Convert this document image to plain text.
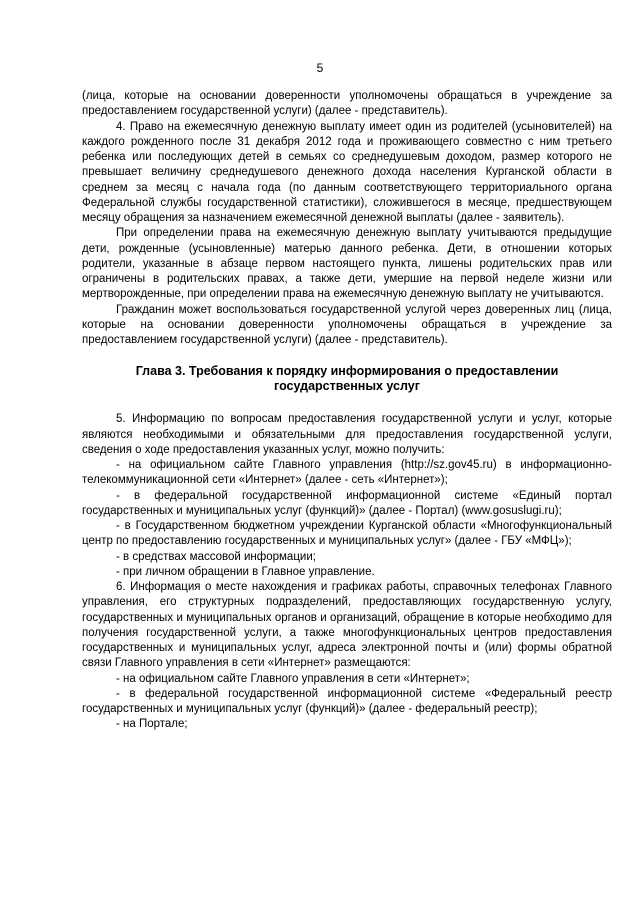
5

(лица, которые на основании доверенности уполномочены обращаться в учреждение за предоставлением государственной услуги) (далее - представитель).

4. Право на ежемесячную денежную выплату имеет один из родителей (усыновителей) на каждого рожденного после 31 декабря 2012 года и проживающего совместно с ним третьего ребенка или последующих детей в семьях со среднедушевым доходом, размер которого не превышает величину среднедушевого денежного дохода населения Курганской области в среднем за месяц с начала года (по данным соответствующего территориального органа Федеральной службы государственной статистики), сложившегося в месяце, предшествующем месяцу обращения за назначением ежемесячной денежной выплаты (далее - заявитель).

При определении права на ежемесячную денежную выплату учитываются предыдущие дети, рожденные (усыновленные) матерью данного ребенка. Дети, в отношении которых родители, указанные в абзаце первом настоящего пункта, лишены родительских прав или ограничены в родительских правах, а также дети, умершие на первой неделе жизни или мертворожденные, при определении права на ежемесячную денежную выплату не учитываются.

Гражданин может воспользоваться государственной услугой через доверенных лиц (лица, которые на основании доверенности уполномочены обращаться в учреждение за предоставлением государственной услуги) (далее - представитель).

Глава 3. Требования к порядку информирования о предоставлении государственных услуг

5. Информацию по вопросам предоставления государственной услуги и услуг, которые являются необходимыми и обязательными для предоставления государственной услуги, сведения о ходе предоставления указанных услуг, можно получить:

- на официальном сайте Главного управления (http://sz.gov45.ru) в информационно-телекоммуникационной сети «Интернет» (далее - сеть «Интернет»);

- в федеральной государственной информационной системе «Единый портал государственных и муниципальных услуг (функций)» (далее - Портал) (www.gosuslugi.ru);

- в Государственном бюджетном учреждении Курганской области «Многофункциональный центр по предоставлению государственных и муниципальных услуг» (далее - ГБУ «МФЦ»);

- в средствах массовой информации;

- при личном обращении в Главное управление.

6. Информация о месте нахождения и графиках работы, справочных телефонах Главного управления, его структурных подразделений, предоставляющих государственную услугу, государственных и муниципальных органов и организаций, обращение в которые необходимо для получения государственной услуги, а также многофункциональных центров предоставления государственных и муниципальных услуг, адреса электронной почты и (или) формы обратной связи Главного управления в сети «Интернет» размещаются:

- на официальном сайте Главного управления в сети «Интернет»;

- в федеральной государственной информационной системе «Федеральный реестр государственных и муниципальных услуг (функций)» (далее - федеральный реестр);

- на Портале;
